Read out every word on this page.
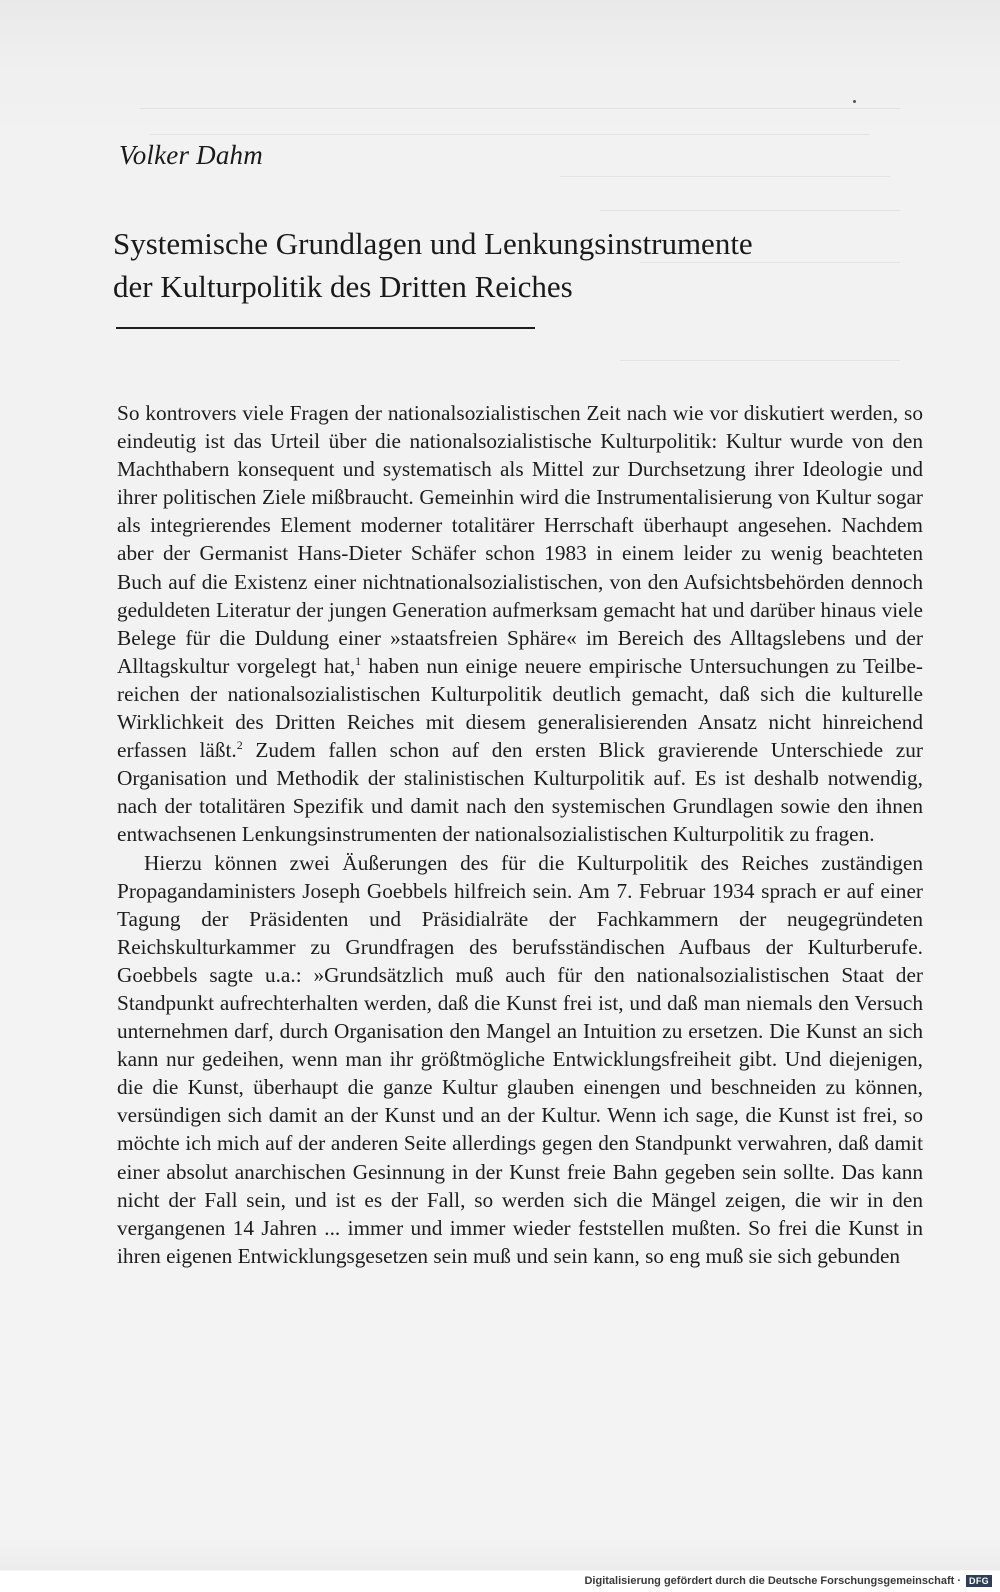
Volker Dahm
Systemische Grundlagen und Lenkungsinstrumente
der Kulturpolitik des Dritten Reiches

So kontrovers viele Fragen der nationalsozialistischen Zeit nach wie vor diskutiert werden, so eindeutig ist das Urteil über die nationalsozialistische Kulturpolitik: Kultur wurde von den Machthabern konsequent und systematisch als Mittel zur Durchsetzung ihrer Ideologie und ihrer politischen Ziele mißbraucht. Gemeinhin wird die Instrumentalisierung von Kultur sogar als integrierendes Element moderner totalitärer Herrschaft überhaupt angesehen. Nachdem aber der Germanist Hans-Dieter Schäfer schon 1983 in einem leider zu wenig beachteten Buch auf die Existenz einer nichtnationalsozialistischen, von den Aufsichtsbehörden dennoch geduldeten Literatur der jungen Generation aufmerksam gemacht hat und darüber hinaus viele Belege für die Duldung einer »staatsfreien Sphäre« im Bereich des Alltagslebens und der Alltagskultur vorgelegt hat,$^1$ haben nun einige neuere empirische Untersuchungen zu Teilbereichen der nationalsozialistischen Kulturpolitik deutlich gemacht, daß sich die kulturelle Wirklichkeit des Dritten Reiches mit diesem generalisierenden Ansatz nicht hinreichend erfassen läßt.$^2$ Zudem fallen schon auf den ersten Blick gravierende Unterschiede zur Organisation und Methodik der stalinistischen Kulturpolitik auf. Es ist deshalb notwendig, nach der totalitären Spezifik und damit nach den systemischen Grundlagen sowie den ihnen entwachsenen Lenkungsinstrumenten der nationalsozialistischen Kulturpolitik zu fragen.

Hierzu können zwei Äußerungen des für die Kulturpolitik des Reiches zuständigen Propagandaministers Joseph Goebbels hilfreich sein. Am 7. Februar 1934 sprach er auf einer Tagung der Präsidenten und Präsidialräte der Fachkammern der neugegründeten Reichskulturkammer zu Grundfragen des berufsständischen Aufbaus der Kulturberufe. Goebbels sagte u.a.: »Grundsätzlich muß auch für den nationalsozialistischen Staat der Standpunkt aufrechterhalten werden, daß die Kunst frei ist, und daß man niemals den Versuch unternehmen darf, durch Organisation den Mangel an Intuition zu ersetzen. Die Kunst an sich kann nur gedeihen, wenn man ihr größtmögliche Entwicklungsfreiheit gibt. Und diejenigen, die die Kunst, überhaupt die ganze Kultur glauben einengen und beschneiden zu können, versündigen sich damit an der Kunst und an der Kultur. Wenn ich sage, die Kunst ist frei, so möchte ich mich auf der anderen Seite allerdings gegen den Standpunkt verwahren, daß damit einer absolut anarchischen Gesinnung in der Kunst freie Bahn gegeben sein sollte. Das kann nicht der Fall sein, und ist es der Fall, so werden sich die Mängel zeigen, die wir in den vergangenen 14 Jahren ... immer und immer wieder feststellen mußten. So frei die Kunst in ihren eigenen Entwicklungsgesetzen sein muß und sein kann, so eng muß sie sich gebunden

Digitalisierung gefördert durch die Deutsche Forschungsgemeinschaft · DFG
